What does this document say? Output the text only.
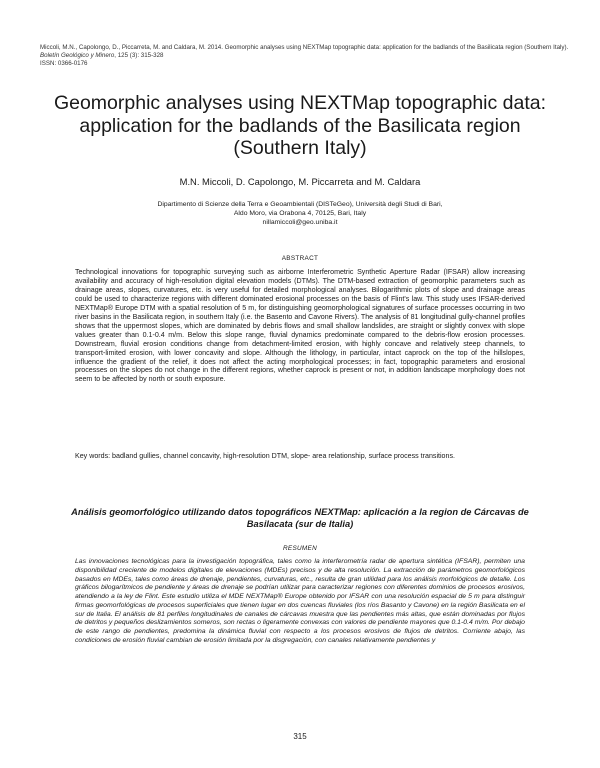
Miccoli, M.N., Capolongo, D., Piccarreta, M. and Caldara, M. 2014. Geomorphic analyses using NEXTMap topographic data: application for the badlands of the Basilicata region (Southern Italy). Boletín Geológico y Minero, 125 (3): 315-328
ISSN: 0366-0176
Geomorphic analyses using NEXTMap topographic data: application for the badlands of the Basilicata region (Southern Italy)
M.N. Miccoli, D. Capolongo, M. Piccarreta and M. Caldara
Dipartimento di Scienze della Terra e Geoambientali (DISTeGeo), Università degli Studi di Bari,
Aldo Moro, via Orabona 4, 70125, Bari, Italy
nillamiccoli@geo.uniba.it
ABSTRACT

Technological innovations for topographic surveying such as airborne Interferometric Synthetic Aperture Radar (IFSAR) allow increasing availability and accuracy of high-resolution digital elevation models (DTMs). The DTM-based extraction of geomorphic parameters such as drainage areas, slopes, curvatures, etc. is very useful for detailed morphological analyses. Bilogarithmic plots of slope and drainage areas could be used to characterize regions with different dominated erosional processes on the basis of Flint's law. This study uses IFSAR-derived NEXTMap® Europe DTM with a spatial resolution of 5 m, for distinguishing geomorphological signatures of surface processes occurring in two river basins in the Basilicata region, in southern Italy (i.e. the Basento and Cavone Rivers). The analysis of 81 longitudinal gully-channel profiles shows that the uppermost slopes, which are dominated by debris flows and small shallow landslides, are straight or slightly convex with slope values greater than 0.1-0.4 m/m. Below this slope range, fluvial dynamics predominate compared to the debris-flow erosion processes. Downstream, fluvial erosion conditions change from detachment-limited erosion, with highly concave and relatively steep channels, to transport-limited erosion, with lower concavity and slope. Although the lithology, in particular, intact caprock on the top of the hillslopes, influence the gradient of the relief, it does not affect the acting morphological processes; in fact, topographic parameters and erosional processes on the slopes do not change in the different regions, whether caprock is present or not, in addition landscape morphology does not seem to be affected by north or south exposure.

Key words: badland gullies, channel concavity, high-resolution DTM, slope- area relationship, surface process transitions.

Análisis geomorfológico utilizando datos topográficos NEXTMap: aplicación a la region de Cárcavas de Basilacata (sur de Italia)
RESUMEN

Las innovaciones tecnológicas para la investigación topográfica, tales como la interferometría radar de apertura sintética (IFSAR), permiten una disponibilidad creciente de modelos digitales de elevaciones (MDEs) precisos y de alta resolución. La extracción de parámetros geomorfológicos basados en MDEs, tales como áreas de drenaje, pendientes, curvaturas, etc., resulta de gran utilidad para los análisis morfológicos de detalle. Los gráficos bilogarítmicos de pendiente y áreas de drenaje se podrían utilizar para caracterizar regiones con diferentes dominios de procesos erosivos, atendiendo a la ley de Flint. Este estudio utiliza el MDE NEXTMap® Europe obtenido por IFSAR con una resolución espacial de 5 m para distinguir firmas geomorfológicas de procesos superficiales que tienen lugar en dos cuencas fluviales (los ríos Basanto y Cavone) en la región Basilicata en el sur de Italia. El análisis de 81 perfiles longitudinales de canales de cárcavas muestra que las pendientes más altas, que están dominadas por flujos de detritos y pequeños deslizamientos someros, son rectas o ligeramente convexas con valores de pendiente mayores que 0.1-0.4 m/m. Por debajo de este rango de pendientes, predomina la dinámica fluvial con respecto a los procesos erosivos de flujos de detritos. Corriente abajo, las condiciones de erosión fluvial cambian de erosión limitada por la disgregación, con canales relativamente pendientes y

315
